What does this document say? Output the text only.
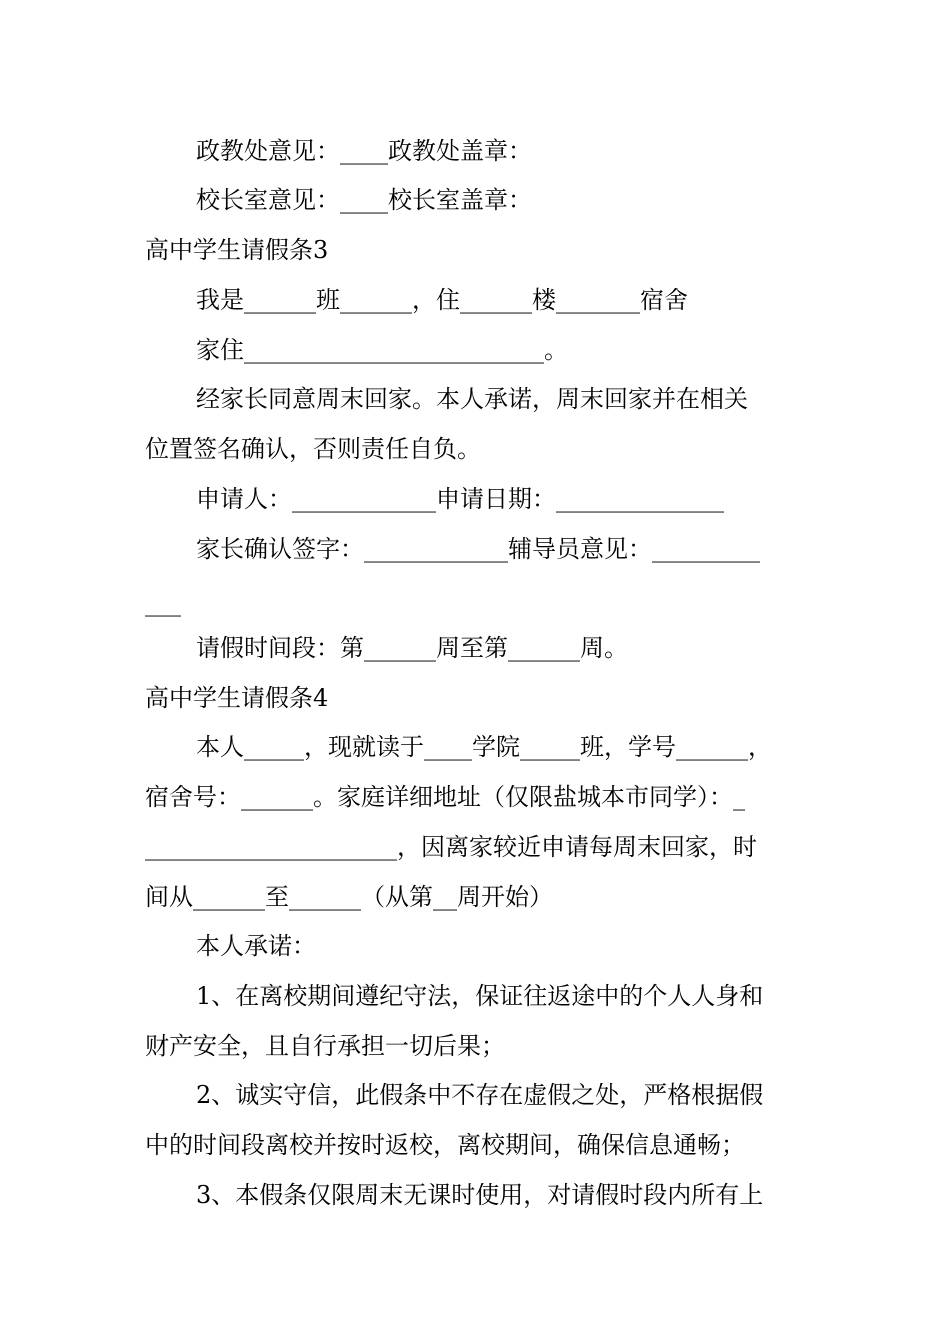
政教处意见：____政教处盖章：
校长室意见：____校长室盖章：
高中学生请假条3
我是______班______，住______楼_______宿舍
家住_________________________。
经家长同意周末回家。本人承诺，周末回家并在相关
位置签名确认，否则责任自负。
申请人：____________申请日期：______________
家长确认签字：____________辅导员意见：_________
___
请假时间段：第______周至第______周。
高中学生请假条4
本人_____，现就读于____学院_____班，学号______，
宿舍号：______。家庭详细地址（仅限盐城本市同学）：_
_____________________，因离家较近申请每周末回家，时
间从______至______（从第__周开始）
本人承诺：
1、在离校期间遵纪守法，保证往返途中的个人人身和
财产安全，且自行承担一切后果；
2、诚实守信，此假条中不存在虚假之处，严格根据假
中的时间段离校并按时返校，离校期间，确保信息通畅；
3、本假条仅限周末无课时使用，对请假时段内所有上
